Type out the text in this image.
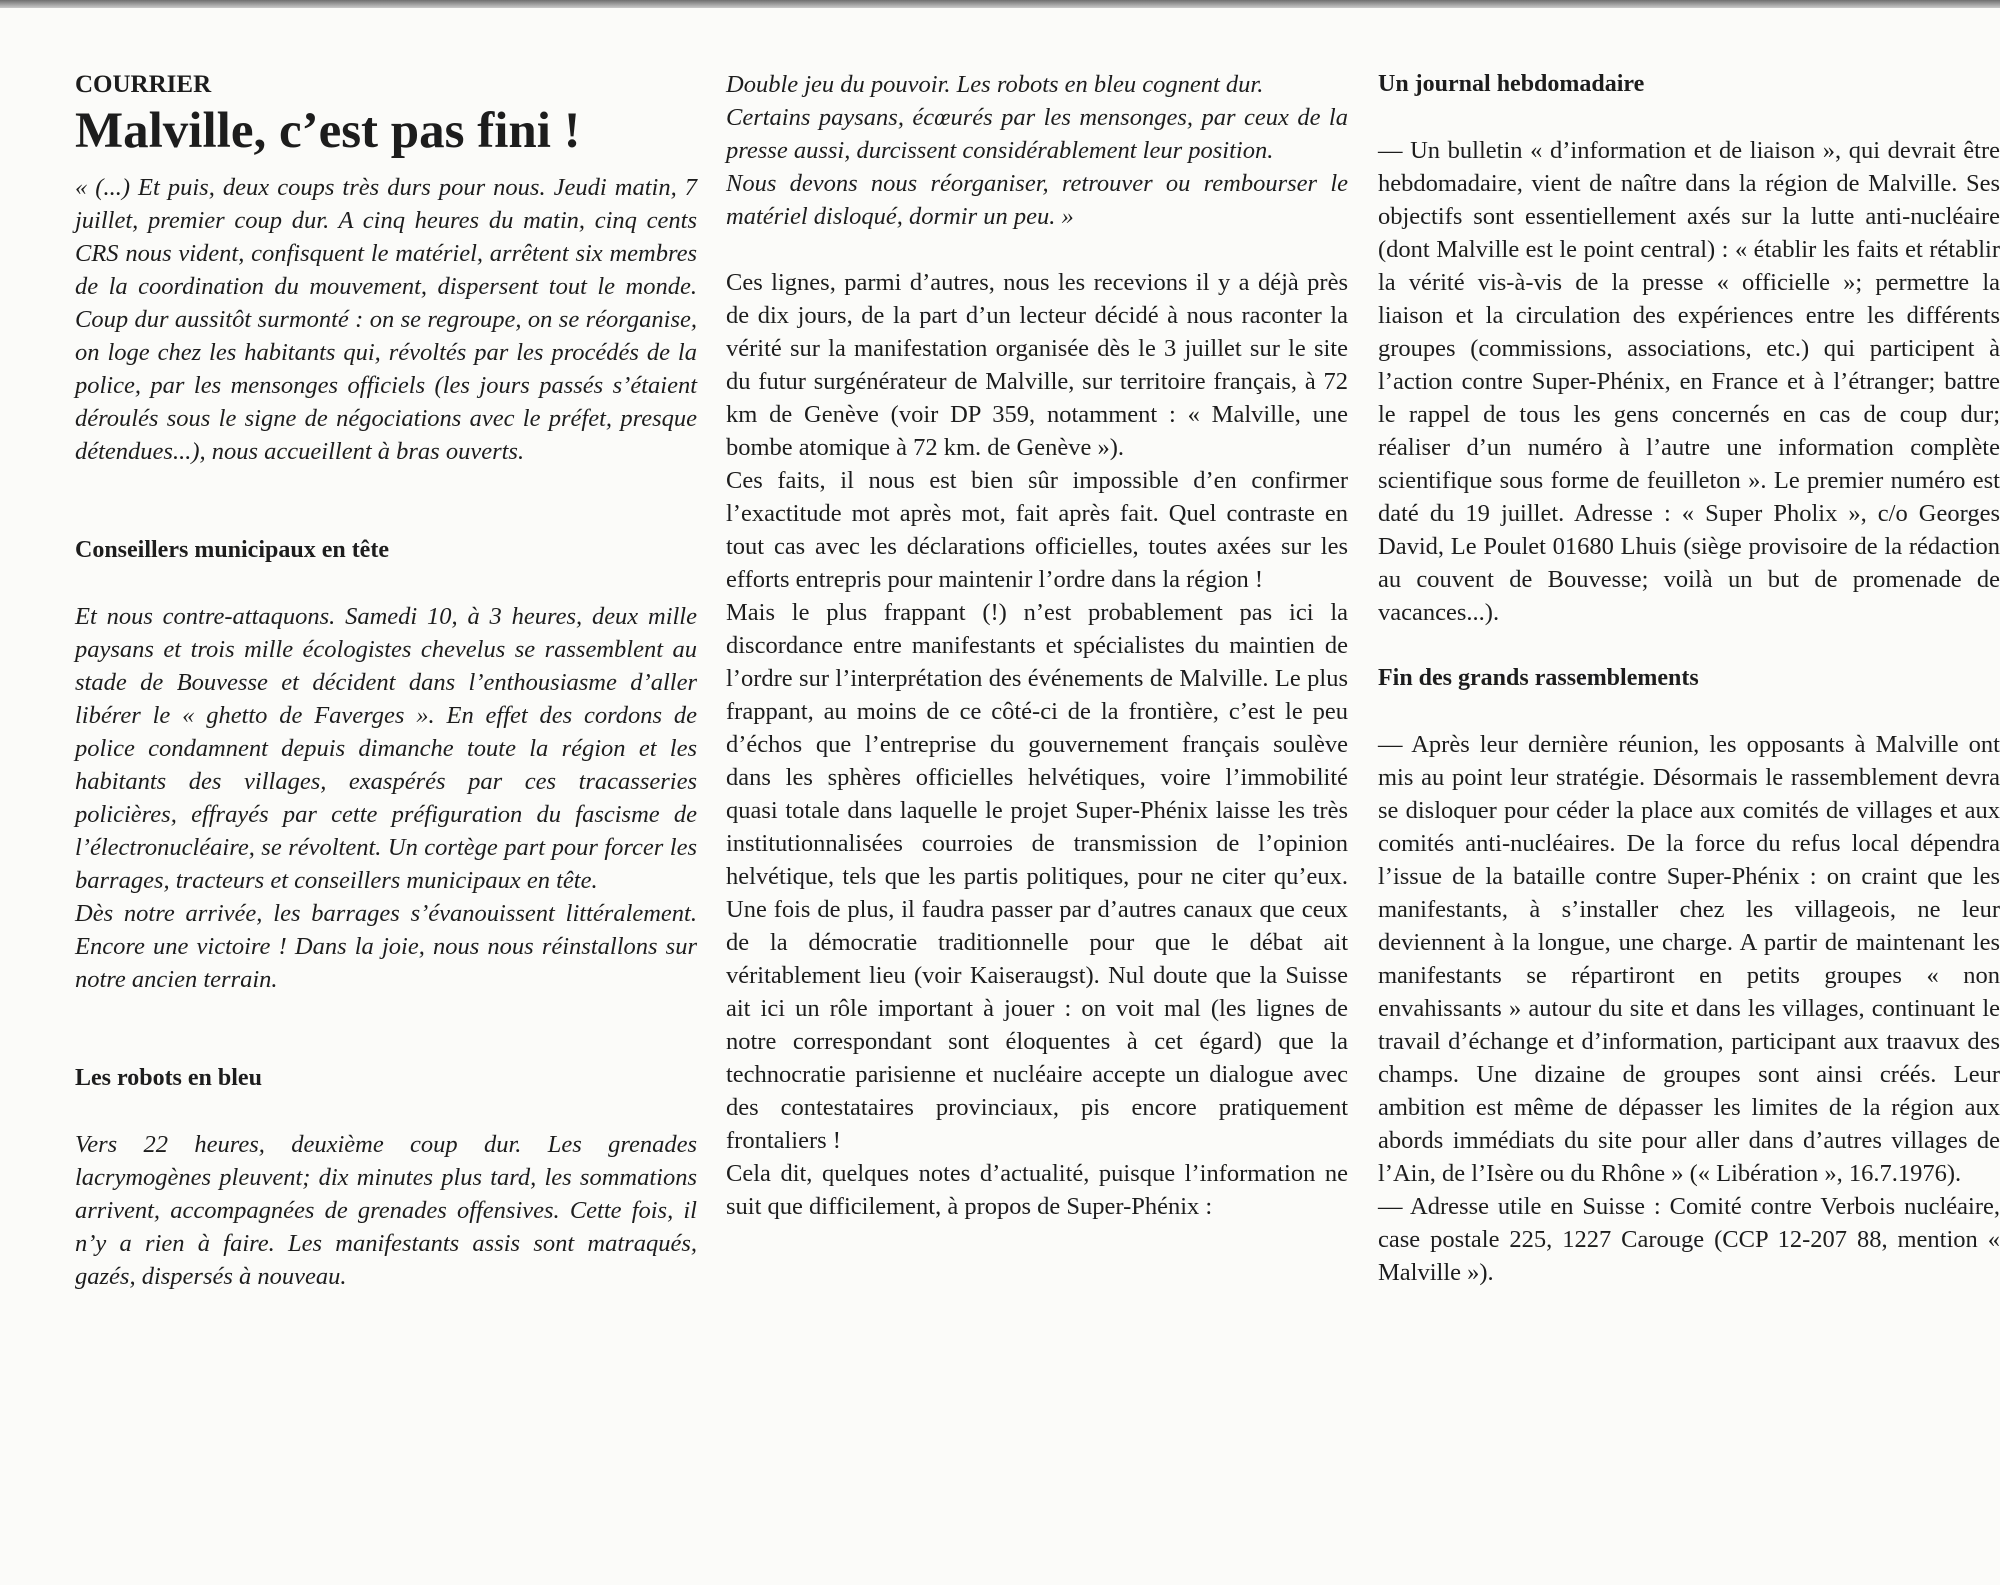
COURRIER

Malville, c’est pas fini !

« (...) Et puis, deux coups très durs pour nous. Jeudi matin, 7 juillet, premier coup dur. A cinq heures du matin, cinq cents CRS nous vident, confisquent le matériel, arrêtent six membres de la coordination du mouvement, dispersent tout le monde. Coup dur aussitôt surmonté : on se regroupe, on se réorganise, on loge chez les habitants qui, révoltés par les procédés de la police, par les mensonges officiels (les jours passés s’étaient déroulés sous le signe de négociations avec le préfet, presque détendues...), nous accueillent à bras ouverts.

Conseillers municipaux en tête

Et nous contre-attaquons. Samedi 10, à 3 heures, deux mille paysans et trois mille écologistes chevelus se rassemblent au stade de Bouvesse et décident dans l’enthousiasme d’aller libérer le « ghetto de Faverges ». En effet des cordons de police condamnent depuis dimanche toute la région et les habitants des villages, exaspérés par ces tracasseries policières, effrayés par cette préfiguration du fascisme de l’électronucléaire, se révoltent. Un cortège part pour forcer les barrages, tracteurs et conseillers municipaux en tête.

Dès notre arrivée, les barrages s’évanouissent littéralement. Encore une victoire ! Dans la joie, nous nous réinstallons sur notre ancien terrain.

Les robots en bleu

Vers 22 heures, deuxième coup dur. Les grenades lacrymogènes pleuvent; dix minutes plus tard, les sommations arrivent, accompagnées de grenades offensives. Cette fois, il n’y a rien à faire. Les manifestants assis sont matraqués, gazés, dispersés à nouveau.

Double jeu du pouvoir. Les robots en bleu cognent dur.

Certains paysans, écœurés par les mensonges, par ceux de la presse aussi, durcissent considérablement leur position.

Nous devons nous réorganiser, retrouver ou rembourser le matériel disloqué, dormir un peu. »

Ces lignes, parmi d’autres, nous les recevions il y a déjà près de dix jours, de la part d’un lecteur décidé à nous raconter la vérité sur la manifestation organisée dès le 3 juillet sur le site du futur surgénérateur de Malville, sur territoire français, à 72 km de Genève (voir DP 359, notamment : « Malville, une bombe atomique à 72 km. de Genève »).

Ces faits, il nous est bien sûr impossible d’en confirmer l’exactitude mot après mot, fait après fait. Quel contraste en tout cas avec les déclarations officielles, toutes axées sur les efforts entrepris pour maintenir l’ordre dans la région !

Mais le plus frappant (!) n’est probablement pas ici la discordance entre manifestants et spécialistes du maintien de l’ordre sur l’interprétation des événements de Malville. Le plus frappant, au moins de ce côté-ci de la frontière, c’est le peu d’échos que l’entreprise du gouvernement français soulève dans les sphères officielles helvétiques, voire l’immobilité quasi totale dans laquelle le projet Super-Phénix laisse les très institutionnalisées courroies de transmission de l’opinion helvétique, tels que les partis politiques, pour ne citer qu’eux. Une fois de plus, il faudra passer par d’autres canaux que ceux de la démocratie traditionnelle pour que le débat ait véritablement lieu (voir Kaiseraugst). Nul doute que la Suisse ait ici un rôle important à jouer : on voit mal (les lignes de notre correspondant sont éloquentes à cet égard) que la technocratie parisienne et nucléaire accepte un dialogue avec des contestataires provinciaux, pis encore pratiquement frontaliers !

Cela dit, quelques notes d’actualité, puisque l’information ne suit que difficilement, à propos de Super-Phénix :

Un journal hebdomadaire

— Un bulletin « d’information et de liaison », qui devrait être hebdomadaire, vient de naître dans la région de Malville. Ses objectifs sont essentiellement axés sur la lutte anti-nucléaire (dont Malville est le point central) : « établir les faits et rétablir la vérité vis-à-vis de la presse « officielle »; permettre la liaison et la circulation des expériences entre les différents groupes (commissions, associations, etc.) qui participent à l’action contre Super-Phénix, en France et à l’étranger; battre le rappel de tous les gens concernés en cas de coup dur; réaliser d’un numéro à l’autre une information complète scientifique sous forme de feuilleton ». Le premier numéro est daté du 19 juillet. Adresse : « Super Pholix », c/o Georges David, Le Poulet 01680 Lhuis (siège provisoire de la rédaction au couvent de Bouvesse; voilà un but de promenade de vacances...).

Fin des grands rassemblements

— Après leur dernière réunion, les opposants à Malville ont mis au point leur stratégie. Désormais le rassemblement devra se disloquer pour céder la place aux comités de villages et aux comités anti-nucléaires. De la force du refus local dépendra l’issue de la bataille contre Super-Phénix : on craint que les manifestants, à s’installer chez les villageois, ne leur deviennent à la longue, une charge. A partir de maintenant les manifestants se répartiront en petits groupes « non envahissants » autour du site et dans les villages, continuant le travail d’échange et d’information, participant aux traavux des champs. Une dizaine de groupes sont ainsi créés. Leur ambition est même de dépasser les limites de la région aux abords immédiats du site pour aller dans d’autres villages de l’Ain, de l’Isère ou du Rhône » (« Libération », 16.7.1976).

— Adresse utile en Suisse : Comité contre Verbois nucléaire, case postale 225, 1227 Carouge (CCP 12-207 88, mention « Malville »).
